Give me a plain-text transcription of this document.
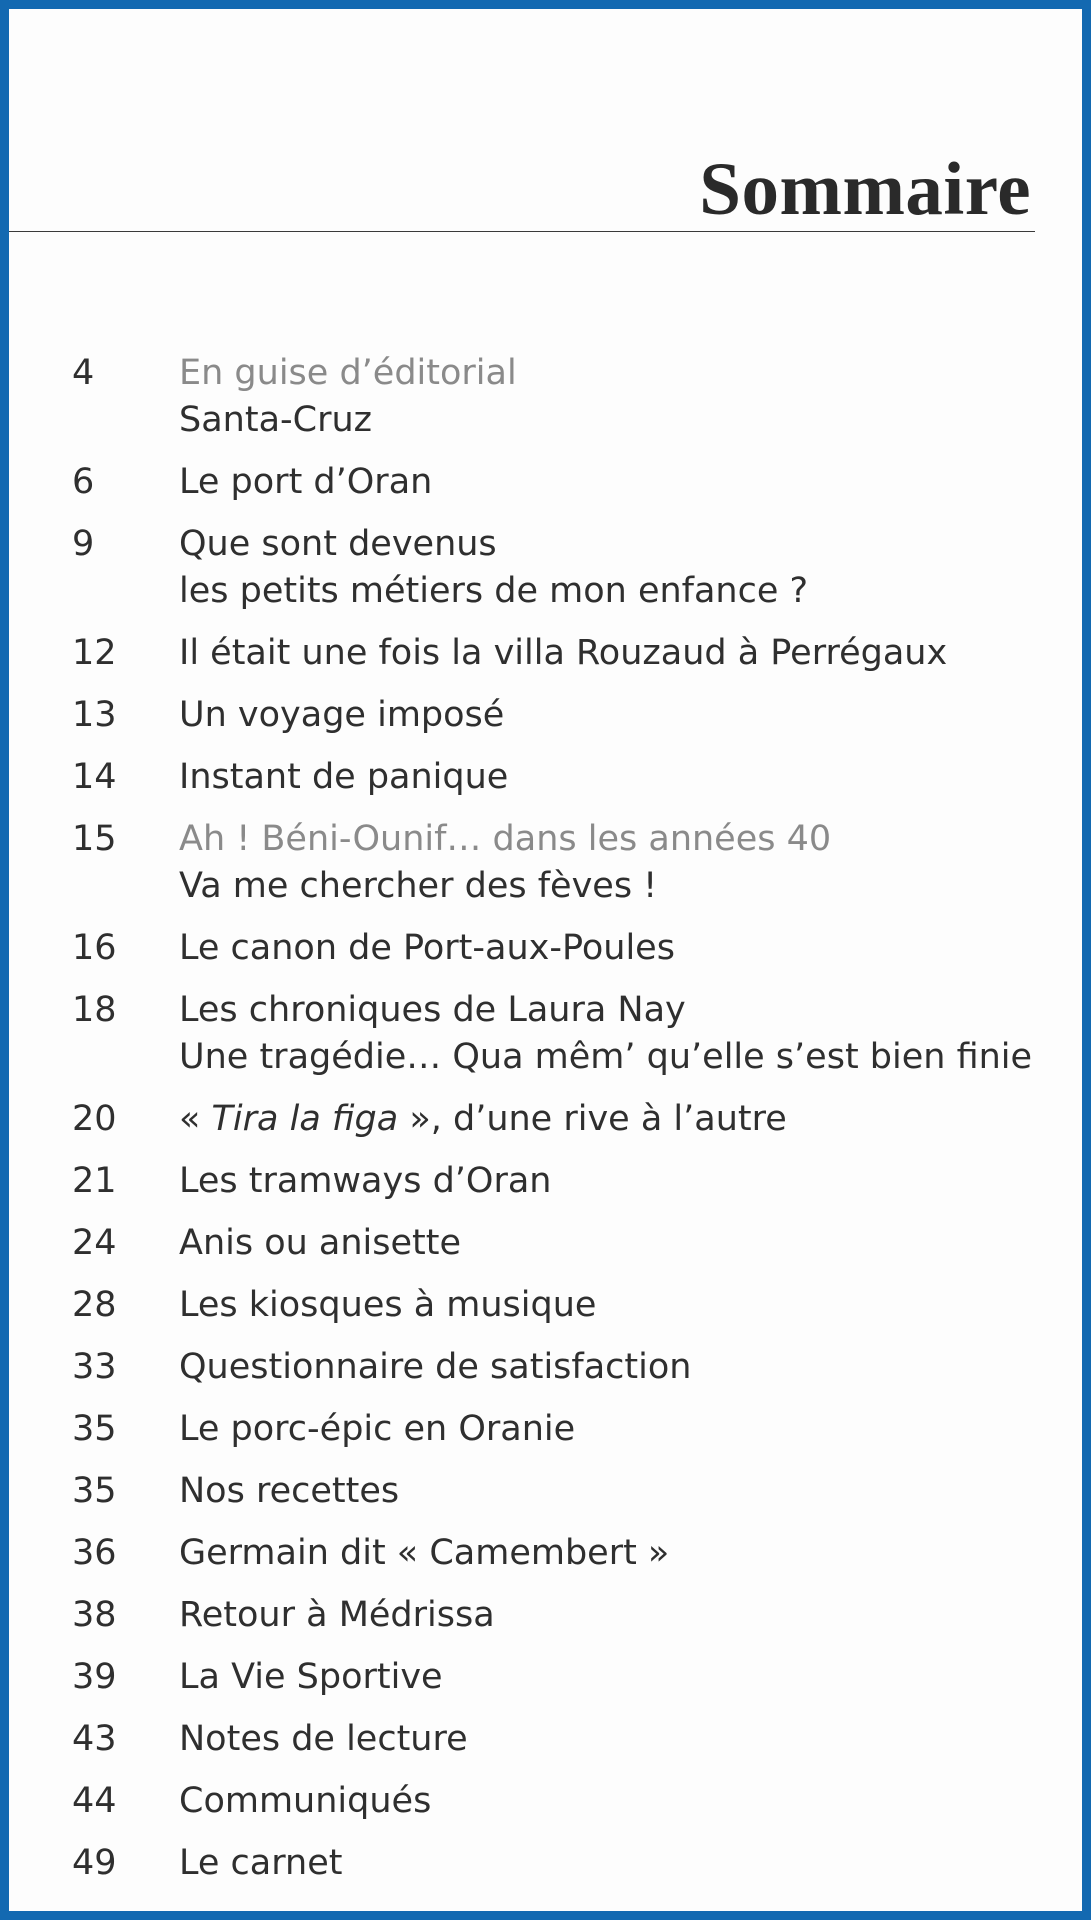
Sommaire
4	En guise d’éditorial
Santa-Cruz
6	Le port d’Oran
9	Que sont devenus
les petits métiers de mon enfance ?
12	Il était une fois la villa Rouzaud à Perrégaux
13	Un voyage imposé
14	Instant de panique
15	Ah ! Béni-Ounif… dans les années 40
Va me chercher des fèves !
16	Le canon de Port-aux-Poules
18	Les chroniques de Laura Nay
Une tragédie… Qua mêm’ qu’elle s’est bien finie
20	« Tira la figa », d’une rive à l’autre
21	Les tramways d’Oran
24	Anis ou anisette
28	Les kiosques à musique
33	Questionnaire de satisfaction
35	Le porc-épic en Oranie
35	Nos recettes
36	Germain dit « Camembert »
38	Retour à Médrissa
39	La Vie Sportive
43	Notes de lecture
44	Communiqués
49	Le carnet
